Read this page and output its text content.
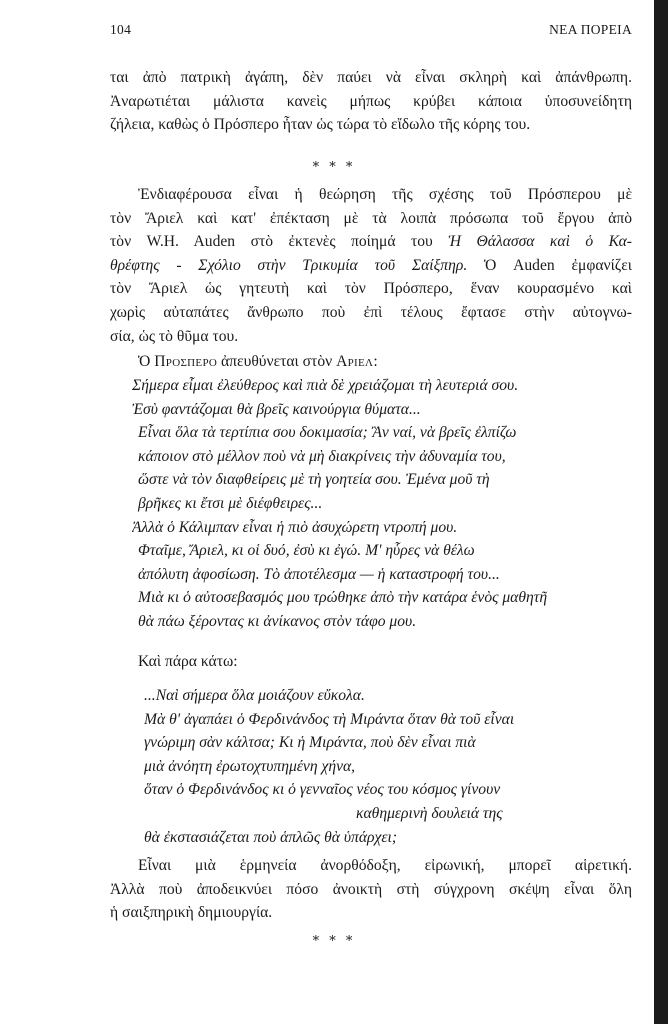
104	ΝΕΑ ΠΟΡΕΙΑ
ται ἀπὸ πατρικὴ ἀγάπη, δὲν παύει νὰ εἶναι σκληρὴ καὶ ἀπάνθρωπη.
Ἀναρωτιέται μάλιστα κανεὶς μήπως κρύβει κάποια ὑποσυνείδητη
ζήλεια, καθὼς ὁ Πρόσπερο ἦταν ὡς τώρα τὸ εἴδωλο τῆς κόρης του.
* * *
Ἐνδιαφέρουσα εἶναι ἡ θεώρηση τῆς σχέσης τοῦ Πρόσπερου μὲ
τὸν Ἄριελ καὶ κατ' ἐπέκταση μὲ τὰ λοιπὰ πρόσωπα τοῦ ἔργου ἀπὸ
τὸν W.H. Auden στὸ ἐκτενὲς ποίημά του Ἡ Θάλασσα καὶ ὁ Κα-
θρέφτης - Σχόλιο στὴν Τρικυμία τοῦ Σαίξπηρ. Ὁ Auden ἐμφανίζει
τὸν Ἄριελ ὡς γητευτὴ καὶ τὸν Πρόσπερο, ἕναν κουρασμένο καὶ
χωρὶς αὐταπάτες ἄνθρωπο ποὺ ἐπὶ τέλους ἔφτασε στὴν αὐτογνω-
σία, ὡς τὸ θῦμα του.
Ὁ Προσπερο ἀπευθύνεται στὸν Αριελ:
Σήμερα εἶμαι ἐλεύθερος καὶ πιὰ δὲ χρειάζομαι τὴ λευτεριά σου.
Ἐσὺ φαντάζομαι θὰ βρεῖς καινούργια θύματα...
Εἶναι ὅλα τὰ τερτίπια σου δοκιμασία; Ἂν ναί, νὰ βρεῖς ἐλπίζω
κάποιον στὸ μέλλον ποὺ νὰ μὴ διακρίνεις τὴν ἀδυναμία του,
ὥστε νὰ τὸν διαφθείρεις μὲ τὴ γοητεία σου. Ἐμένα μοῦ τὴ
βρῆκες κι ἔτσι μὲ διέφθειρες...
Ἀλλὰ ὁ Κάλιμπαν εἶναι ἡ πιὸ ἀσυχώρετη ντροπή μου.
Φταῖμε, Ἄριελ, κι οἱ δυό, ἐσὺ κι ἐγώ. Μ' ηὗρες νὰ θέλω
ἀπόλυτη ἀφοσίωση. Τὸ ἀποτέλεσμα — ἡ καταστροφή του...
Μιὰ κι ὁ αὐτοσεβασμός μου τρώθηκε ἀπὸ τὴν κατάρα ἑνὸς μαθητῆ
θὰ πάω ξέροντας κι ἀνίκανος στὸν τάφο μου.
Καὶ πάρα κάτω:
...Ναὶ σήμερα ὅλα μοιάζουν εὔκολα.
Μὰ θ' ἀγαπάει ὁ Φερδινάνδος τὴ Μιράντα ὅταν θὰ τοῦ εἶναι
γνώριμη σὰν κάλτσα; Κι ἡ Μιράντα, ποὺ δὲν εἶναι πιὰ
μιὰ ἀνόητη ἐρωτοχτυπημένη χήνα,
ὅταν ὁ Φερδινάνδος κι ὁ γενναῖος νέος του κόσμος γίνουν
καθημερινὴ δουλειά της
θὰ ἐκστασιάζεται ποὺ ἁπλῶς θὰ ὑπάρχει;
Εἶναι μιὰ ἑρμηνεία ἀνορθόδοξη, εἰρωνική, μπορεῖ αἱρετική.
Ἀλλὰ ποὺ ἀποδεικνύει πόσο ἀνοικτὴ στὴ σύγχρονη σκέψη εἶναι ὅλη
ἡ σαιξπηρικὴ δημιουργία.
* * *
